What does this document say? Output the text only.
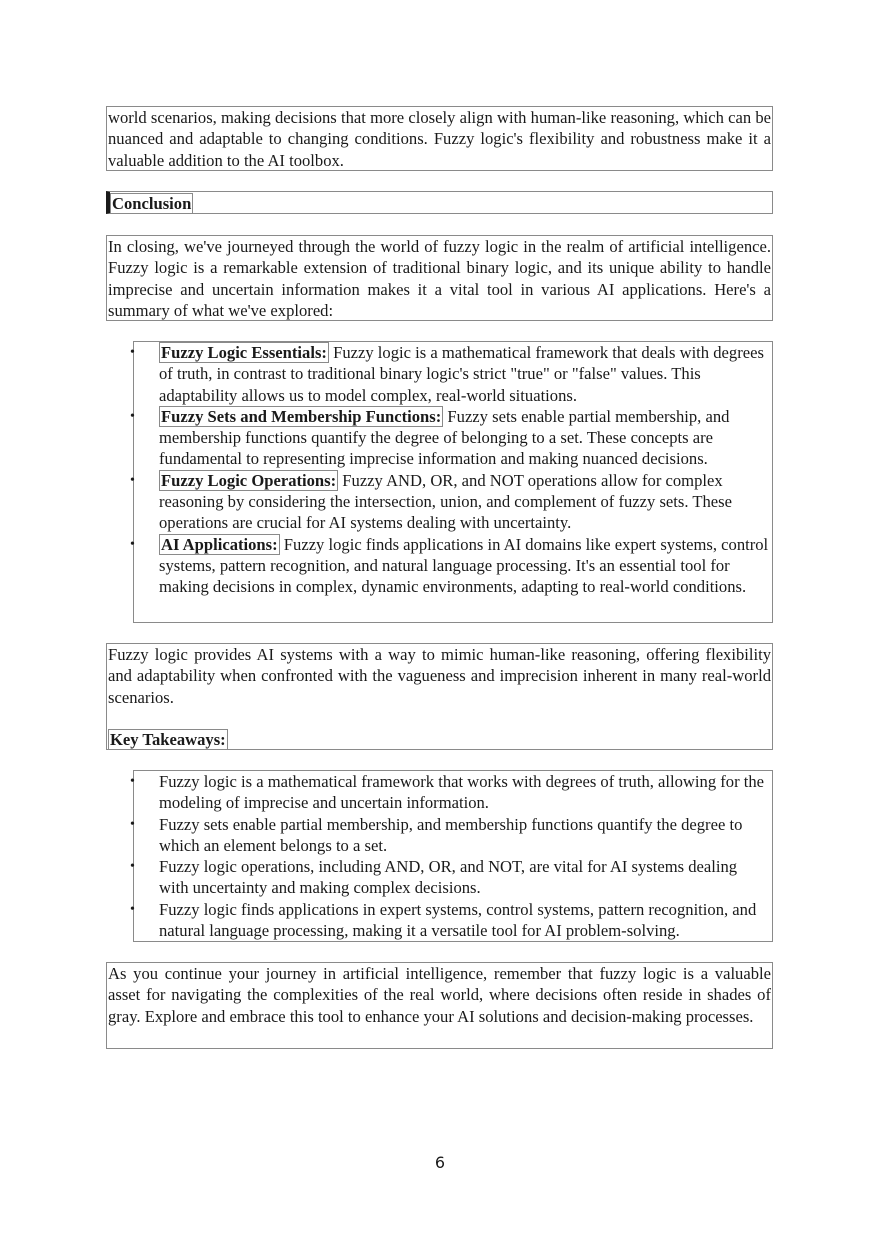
world scenarios, making decisions that more closely align with human-like reasoning, which can be nuanced and adaptable to changing conditions. Fuzzy logic's flexibility and robustness make it a valuable addition to the AI toolbox.
Conclusion
In closing, we've journeyed through the world of fuzzy logic in the realm of artificial intelligence. Fuzzy logic is a remarkable extension of traditional binary logic, and its unique ability to handle imprecise and uncertain information makes it a vital tool in various AI applications. Here's a summary of what we've explored:
• Fuzzy Logic Essentials: Fuzzy logic is a mathematical framework that deals with degrees of truth, in contrast to traditional binary logic's strict "true" or "false" values. This adaptability allows us to model complex, real-world situations.
• Fuzzy Sets and Membership Functions: Fuzzy sets enable partial membership, and membership functions quantify the degree of belonging to a set. These concepts are fundamental to representing imprecise information and making nuanced decisions.
• Fuzzy Logic Operations: Fuzzy AND, OR, and NOT operations allow for complex reasoning by considering the intersection, union, and complement of fuzzy sets. These operations are crucial for AI systems dealing with uncertainty.
• AI Applications: Fuzzy logic finds applications in AI domains like expert systems, control systems, pattern recognition, and natural language processing. It's an essential tool for making decisions in complex, dynamic environments, adapting to real-world conditions.
Fuzzy logic provides AI systems with a way to mimic human-like reasoning, offering flexibility and adaptability when confronted with the vagueness and imprecision inherent in many real-world scenarios.
Key Takeaways:
• Fuzzy logic is a mathematical framework that works with degrees of truth, allowing for the modeling of imprecise and uncertain information.
• Fuzzy sets enable partial membership, and membership functions quantify the degree to which an element belongs to a set.
• Fuzzy logic operations, including AND, OR, and NOT, are vital for AI systems dealing with uncertainty and making complex decisions.
• Fuzzy logic finds applications in expert systems, control systems, pattern recognition, and natural language processing, making it a versatile tool for AI problem-solving.
As you continue your journey in artificial intelligence, remember that fuzzy logic is a valuable asset for navigating the complexities of the real world, where decisions often reside in shades of gray. Explore and embrace this tool to enhance your AI solutions and decision-making processes.
6
